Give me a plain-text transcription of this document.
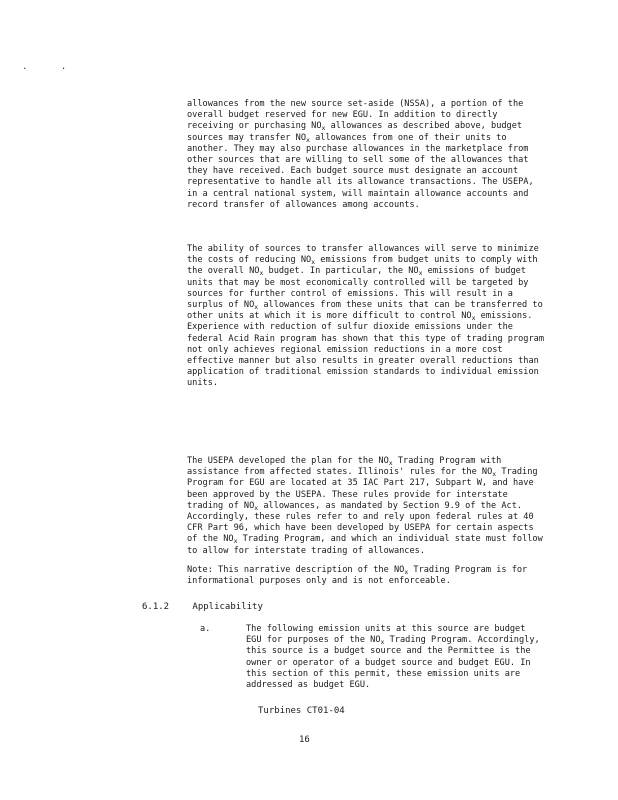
. .

allowances from the new source set-aside (NSSA), a portion of the overall budget reserved for new EGU. In addition to directly receiving or purchasing $NO_x$ allowances as described above, budget sources may transfer $NO_x$ allowances from one of their units to another. They may also purchase allowances in the marketplace from other sources that are willing to sell some of the allowances that they have received. Each budget source must designate an account representative to handle all its allowance transactions. The USEPA, in a central national system, will maintain allowance accounts and record transfer of allowances among accounts.

The ability of sources to transfer allowances will serve to minimize the costs of reducing $NO_x$ emissions from budget units to comply with the overall $NO_x$ budget. In particular, the $NO_x$ emissions of budget units that may be most economically controlled will be targeted by sources for further control of emissions. This will result in a surplus of $NO_x$ allowances from these units that can be transferred to other units at which it is more difficult to control $NO_x$ emissions. Experience with reduction of sulfur dioxide emissions under the federal Acid Rain program has shown that this type of trading program not only achieves regional emission reductions in a more cost effective manner but also results in greater overall reductions than application of traditional emission standards to individual emission units.

The USEPA developed the plan for the $NO_x$ Trading Program with assistance from affected states. Illinois' rules for the $NO_x$ Trading Program for EGU are located at 35 IAC Part 217, Subpart W, and have been approved by the USEPA. These rules provide for interstate trading of $NO_x$ allowances, as mandated by Section 9.9 of the Act. Accordingly, these rules refer to and rely upon federal rules at 40 CFR Part 96, which have been developed by USEPA for certain aspects of the $NO_x$ Trading Program, and which an individual state must follow to allow for interstate trading of allowances.

Note: This narrative description of the $NO_x$ Trading Program is for informational purposes only and is not enforceable.

6.1.2	Applicability
a.	The following emission units at this source are budget EGU for purposes of the $NO_x$ Trading Program. Accordingly, this source is a budget source and the Permittee is the owner or operator of a budget source and budget EGU. In this section of this permit, these emission units are addressed as budget EGU.
Turbines CT01-04
16
